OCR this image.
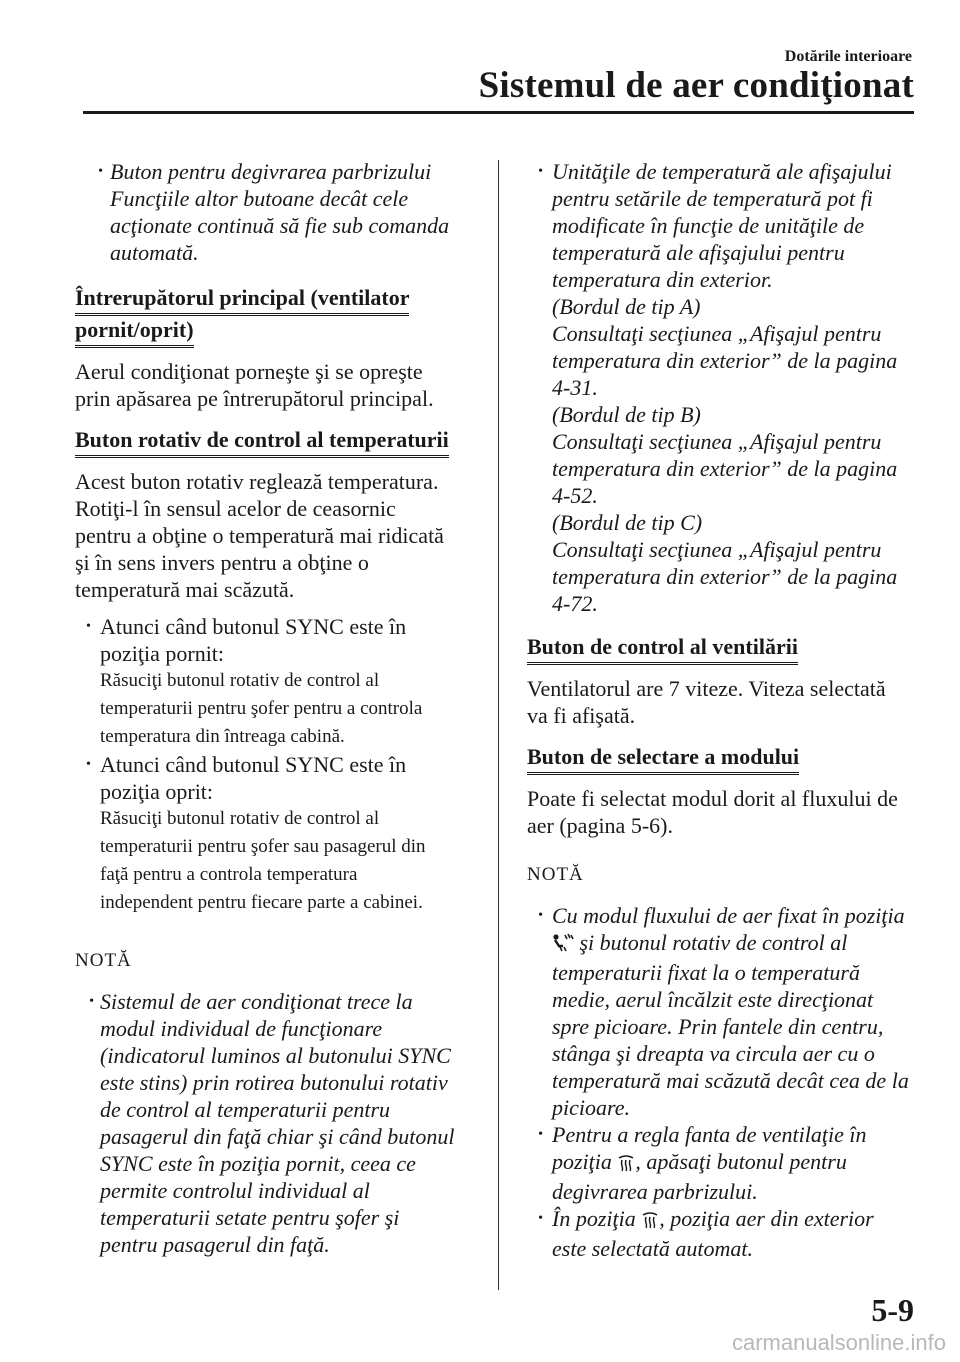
Dotările interioare
Sistemul de aer condiţionat
• Buton pentru degivrarea parbrizului
Funcţiile altor butoane decât cele
acţionate continuă să fie sub comanda
automată.
Întrerupătorul principal (ventilator
pornit/oprit)
Aerul condiţionat porneşte şi se opreşte
prin apăsarea pe întrerupătorul principal.
Buton rotativ de control al temperaturii
Acest buton rotativ reglează temperatura.
Rotiţi-l în sensul acelor de ceasornic
pentru a obţine o temperatură mai ridicată
şi în sens invers pentru a obţine o
temperatură mai scăzută.
• Atunci când butonul SYNC este în
poziţia pornit:
Răsuciţi butonul rotativ de control al
temperaturii pentru şofer pentru a controla
temperatura din întreaga cabină.
• Atunci când butonul SYNC este în
poziţia oprit:
Răsuciţi butonul rotativ de control al
temperaturii pentru şofer sau pasagerul din
faţă pentru a controla temperatura
independent pentru fiecare parte a cabinei.
NOTĂ
• Sistemul de aer condiţionat trece la
modul individual de funcţionare
(indicatorul luminos al butonului SYNC
este stins) prin rotirea butonului rotativ
de control al temperaturii pentru
pasagerul din faţă chiar şi când butonul
SYNC este în poziţia pornit, ceea ce
permite controlul individual al
temperaturii setate pentru şofer şi
pentru pasagerul din faţă.
• Unităţile de temperatură ale afişajului
pentru setările de temperatură pot fi
modificate în funcţie de unităţile de
temperatură ale afişajului pentru
temperatura din exterior.
(Bordul de tip A)
Consultaţi secţiunea „Afişajul pentru
temperatura din exterior” de la pagina
4-31.
(Bordul de tip B)
Consultaţi secţiunea „Afişajul pentru
temperatura din exterior” de la pagina
4-52.
(Bordul de tip C)
Consultaţi secţiunea „Afişajul pentru
temperatura din exterior” de la pagina
4-72.
Buton de control al ventilării
Ventilatorul are 7 viteze. Viteza selectată
va fi afişată.
Buton de selectare a modului
Poate fi selectat modul dorit al fluxului de
aer (pagina 5-6).
NOTĂ
• Cu modul fluxului de aer fixat în poziţia
şi butonul rotativ de control al
temperaturii fixat la o temperatură
medie, aerul încălzit este direcţionat
spre picioare. Prin fantele din centru,
stânga şi dreapta va circula aer cu o
temperatură mai scăzută decât cea de la
picioare.
• Pentru a regla fanta de ventilaţie în
poziţia , apăsaţi butonul pentru
degivrarea parbrizului.
• În poziţia , poziţia aer din exterior
este selectată automat.
5-9
carmanualsonline.info
